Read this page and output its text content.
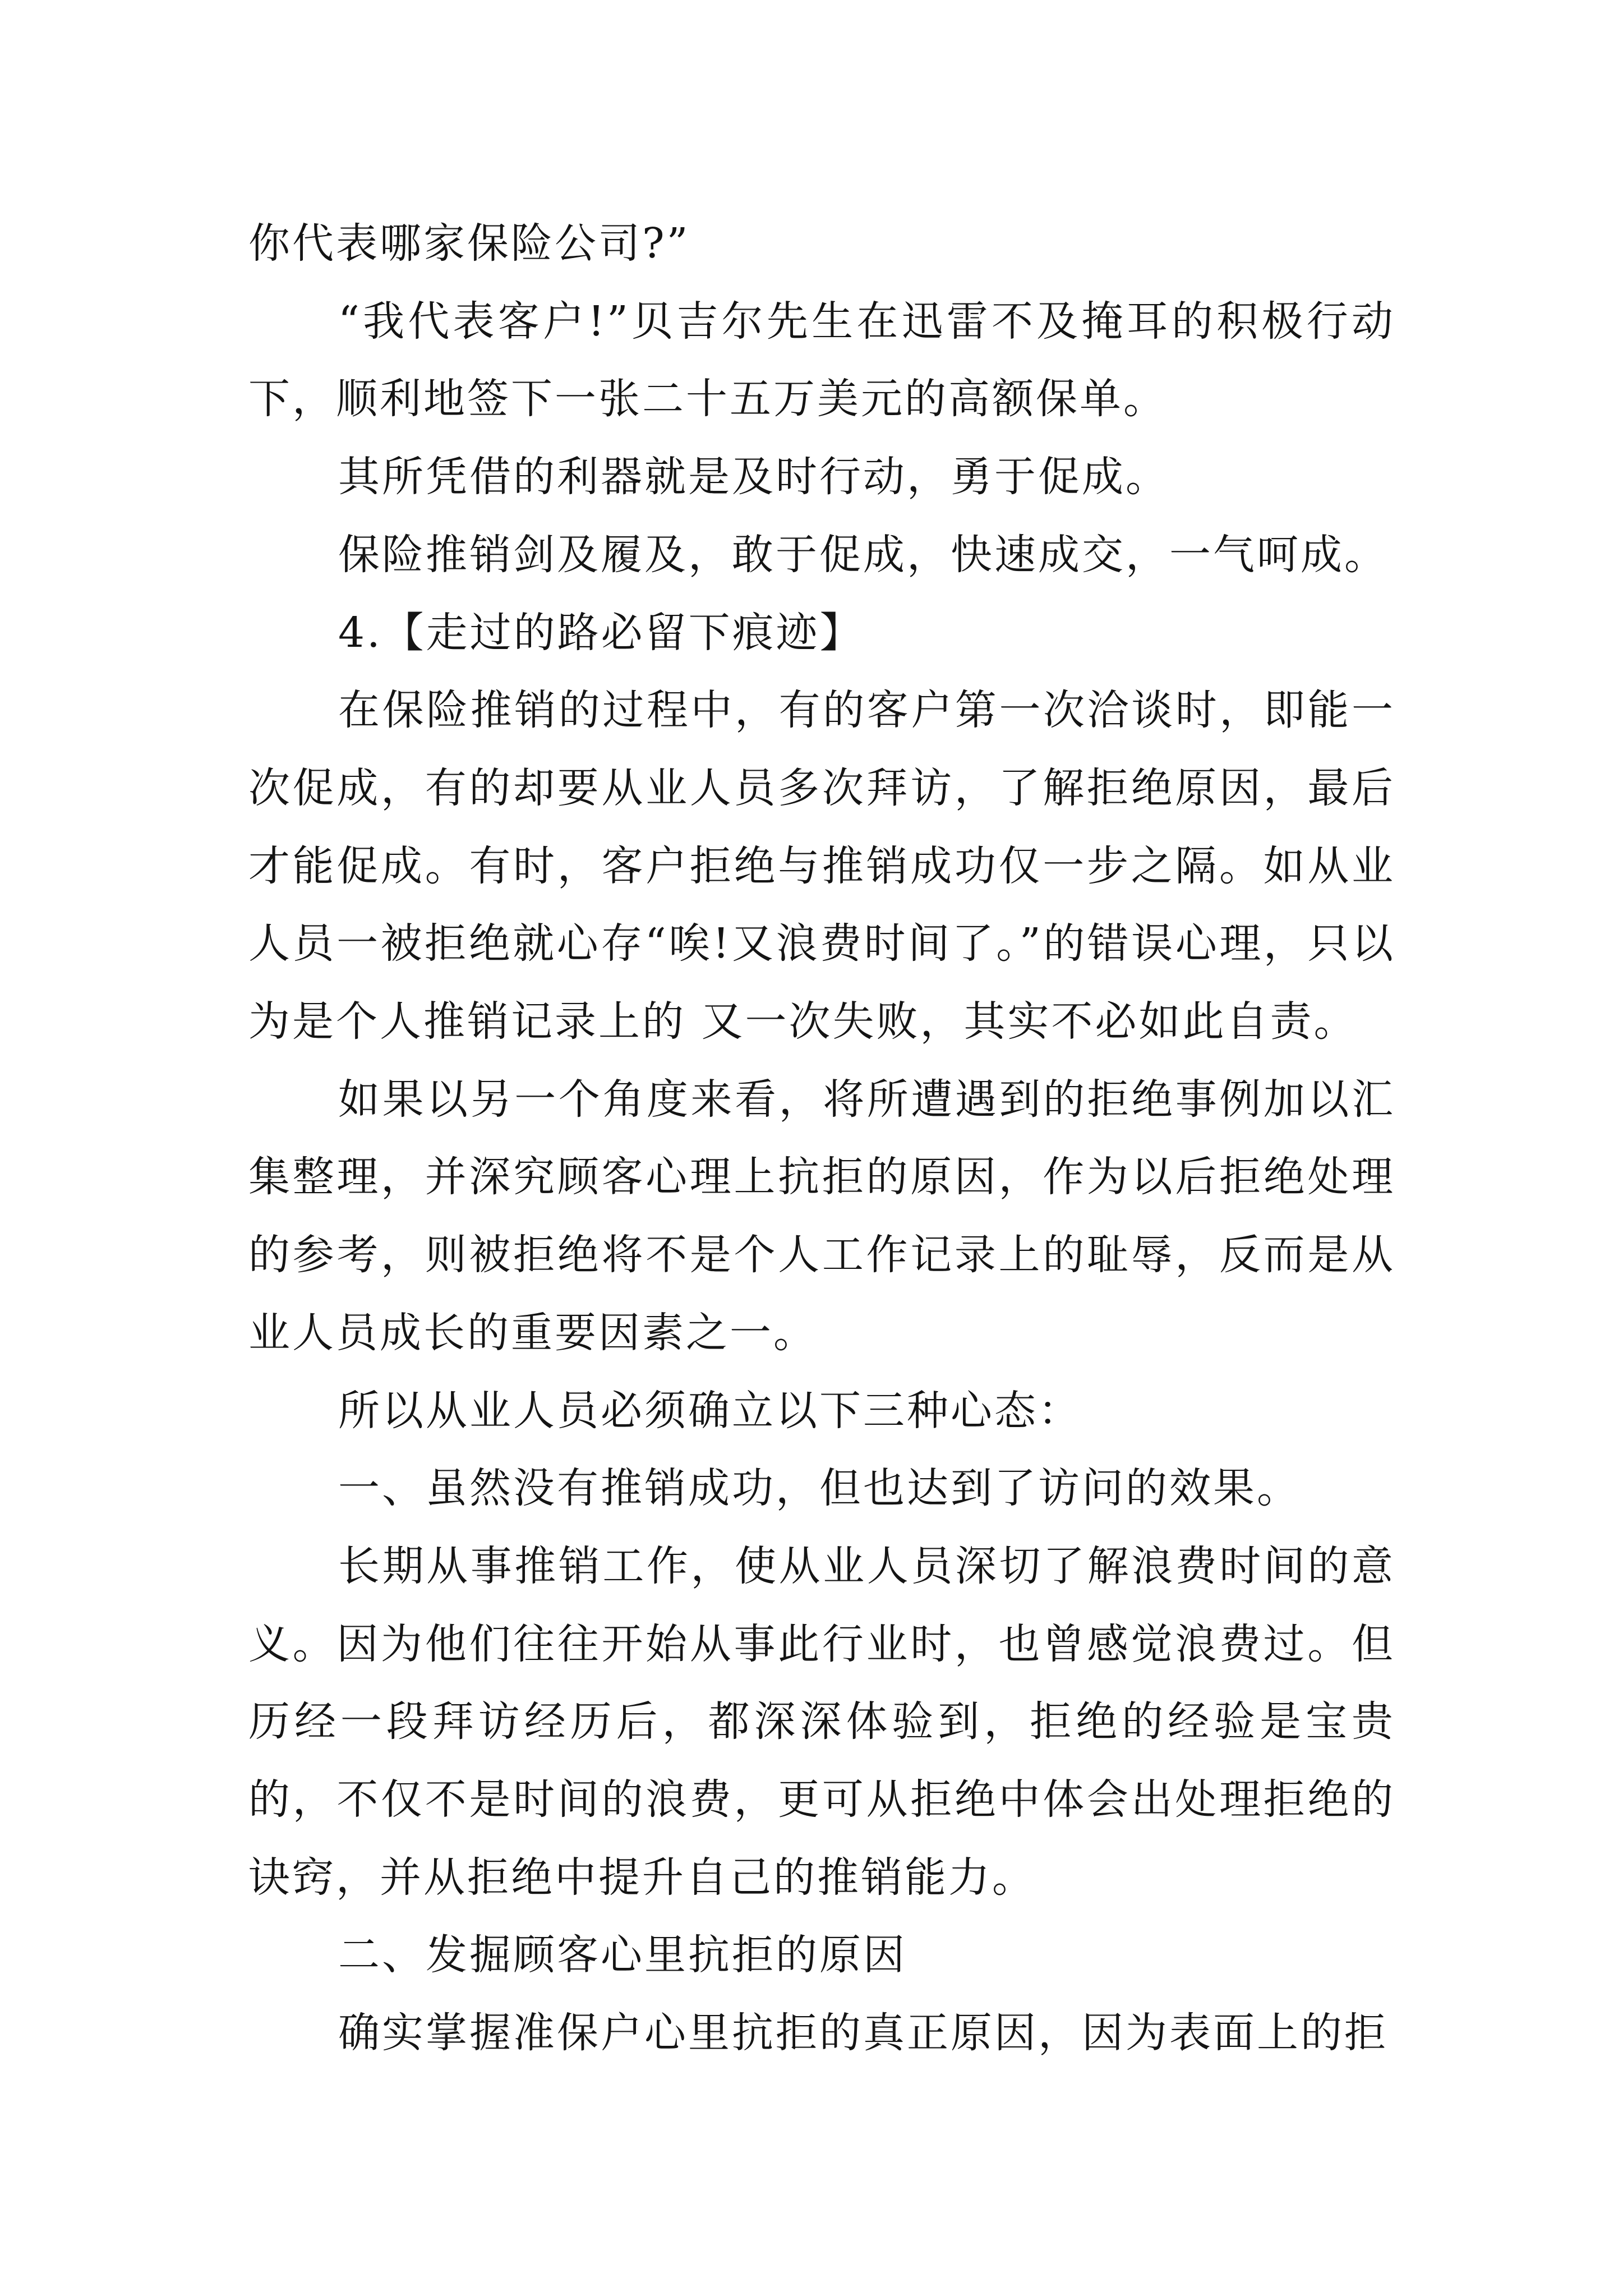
你代表哪家保险公司?”

“我代表客户!”贝吉尔先生在迅雷不及掩耳的积极行动下，顺利地签下一张二十五万美元的高额保单。

其所凭借的利器就是及时行动，勇于促成。

保险推销剑及履及，敢于促成，快速成交，一气呵成。

4.【走过的路必留下痕迹】

在保险推销的过程中，有的客户第一次洽谈时，即能一次促成，有的却要从业人员多次拜访，了解拒绝原因，最后才能促成。有时，客户拒绝与推销成功仅一步之隔。如从业人员一被拒绝就心存“唉!又浪费时间了。”的错误心理，只以为是个人推销记录上的 又一次失败，其实不必如此自责。

如果以另一个角度来看，将所遭遇到的拒绝事例加以汇集整理，并深究顾客心理上抗拒的原因，作为以后拒绝处理的参考，则被拒绝将不是个人工作记录上的耻辱，反而是从业人员成长的重要因素之一。

所以从业人员必须确立以下三种心态：

一、虽然没有推销成功，但也达到了访问的效果。

长期从事推销工作，使从业人员深切了解浪费时间的意义。因为他们往往开始从事此行业时，也曾感觉浪费过。但历经一段拜访经历后，都深深体验到，拒绝的经验是宝贵的，不仅不是时间的浪费，更可从拒绝中体会出处理拒绝的诀窍，并从拒绝中提升自己的推销能力。

二、发掘顾客心里抗拒的原因

确实掌握准保户心里抗拒的真正原因，因为表面上的拒
